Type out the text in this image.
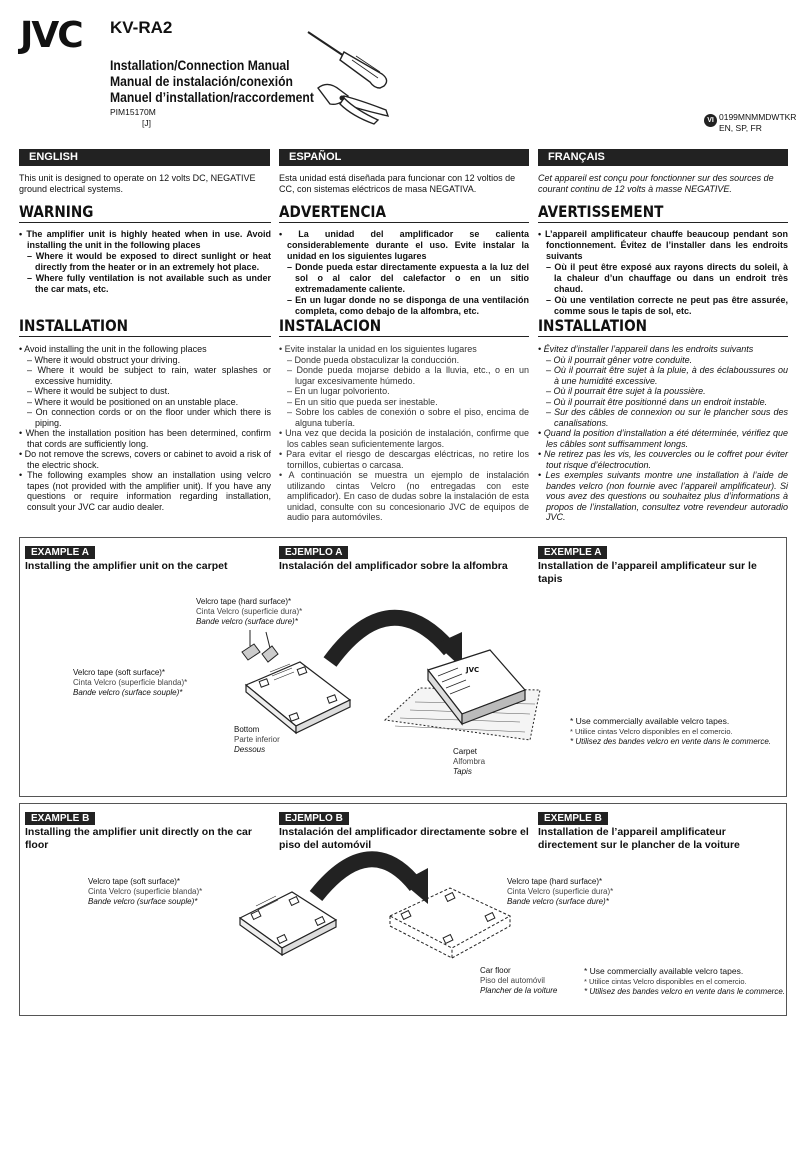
JVC KV-RA2
Installation/Connection Manual
Manual de instalación/conexión
Manuel d’installation/raccordement
PIM15170M
[J]	VI 0199MNMMDWTKR
EN, SP, FR
ENGLISH	ESPAÑOL	FRANÇAIS
This unit is designed to operate on 12 volts DC, NEGATIVE ground electrical systems.
WARNING

• The amplifier unit is highly heated when in use. Avoid installing the unit in the following places

– Where it would be exposed to direct sunlight or heat directly from the heater or in an extremely hot place.

– Where fully ventilation is not available such as under the car mats, etc.

INSTALLATION

• Avoid installing the unit in the following places

– Where it would obstruct your driving.

– Where it would be subject to rain, water splashes or excessive humidity.

– Where it would be subject to dust.

– Where it would be positioned on an unstable place.

– On connection cords or on the floor under which there is piping.

• When the installation position has been determined, confirm that cords are sufficiently long.

• Do not remove the screws, covers or cabinet to avoid a risk of the electric shock.

• The following examples show an installation using velcro tapes (not provided with the amplifier unit). If you have any questions or require information regarding installation, consult your JVC car audio dealer.

Esta unidad está diseñada para funcionar con 12 voltios de CC, con sistemas eléctricos de masa NEGATIVA.
ADVERTENCIA

• La unidad del amplificador se calienta considerablemente durante el uso. Evite instalar la unidad en los siguientes lugares

– Donde pueda estar directamente expuesta a la luz del sol o al calor del calefactor o en un sitio extremadamente caliente.

– En un lugar donde no se disponga de una ventilación completa, como debajo de la alfombra, etc.

INSTALACION

• Evite instalar la unidad en los siguientes lugares

– Donde pueda obstaculizar la conducción.

– Donde pueda mojarse debido a la lluvia, etc., o en un lugar excesivamente húmedo.

– En un lugar polvoriento.

– En un sitio que pueda ser inestable.

– Sobre los cables de conexión o sobre el piso, encima de alguna tubería.

• Una vez que decida la posición de instalación, confirme que los cables sean suficientemente largos.

• Para evitar el riesgo de descargas eléctricas, no retire los tornillos, cubiertas o carcasa.

• A continuación se muestra un ejemplo de instalación utilizando cintas Velcro (no entregadas con este amplificador). En caso de dudas sobre la instalación de esta unidad, consulte con su concesionario JVC de equipos de audio para automóviles.

Cet appareil est conçu pour fonctionner sur des sources de courant continu de 12 volts à masse NEGATIVE.
AVERTISSEMENT

• L’appareil amplificateur chauffe beaucoup pendant son fonctionnement. Évitez de l’installer dans les endroits suivants

– Où il peut être exposé aux rayons directs du soleil, à la chaleur d’un chauffage ou dans un endroit très chaud.

– Où une ventilation correcte ne peut pas être assurée, comme sous le tapis de sol, etc.

INSTALLATION

• Évitez d’installer l’appareil dans les endroits suivants

– Où il pourrait gêner votre conduite.

– Où il pourrait être sujet à la pluie, à des éclaboussures ou à une humidité excessive.

– Où il pourrait être sujet à la poussière.

– Où il pourrait être positionné dans un endroit instable.

– Sur des câbles de connexion ou sur le plancher sous des canalisations.

• Quand la position d’installation a été déterminée, vérifiez que les câbles sont suffisamment longs.

• Ne retirez pas les vis, les couvercles ou le coffret pour éviter tout risque d’électrocution.

• Les exemples suivants montre une installation à l’aide de bandes velcro (non fournie avec l’appareil amplificateur). Si vous avez des questions ou souhaitez plus d’informations à propos de l’installation, consultez votre revendeur autoradio JVC.

EXAMPLE A
Installing the amplifier unit on the carpet
EJEMPLO A
Instalación del amplificador sobre la alfombra
EXEMPLE A
Installation de l’appareil amplificateur sur le tapis
Velcro tape (hard surface)*
Cinta Velcro (superficie dura)*
Bande velcro (surface dure)*
Velcro tape (soft surface)*
Cinta Velcro (superficie blanda)*
Bande velcro (surface souple)*
Bottom
Parte inferior
Dessous	Carpet
Alfombra
Tapis
* Use commercially available velcro tapes.
* Utilice cintas Velcro disponibles en el comercio.
* Utilisez des bandes velcro en vente dans le commerce.
JVC
EXAMPLE B
Installing the amplifier unit directly on the car floor
EJEMPLO B
Instalación del amplificador directamente sobre el piso del automóvil
EXEMPLE B
Installation de l’appareil amplificateur directement sur le plancher de la voiture
Velcro tape (soft surface)*
Cinta Velcro (superficie blanda)*
Bande velcro (surface souple)*
Velcro tape (hard surface)*
Cinta Velcro (superficie dura)*
Bande velcro (surface dure)*
Car floor
Piso del automóvil
Plancher de la voiture
* Use commercially available velcro tapes.
* Utilice cintas Velcro disponibles en el comercio.
* Utilisez des bandes velcro en vente dans le commerce.
